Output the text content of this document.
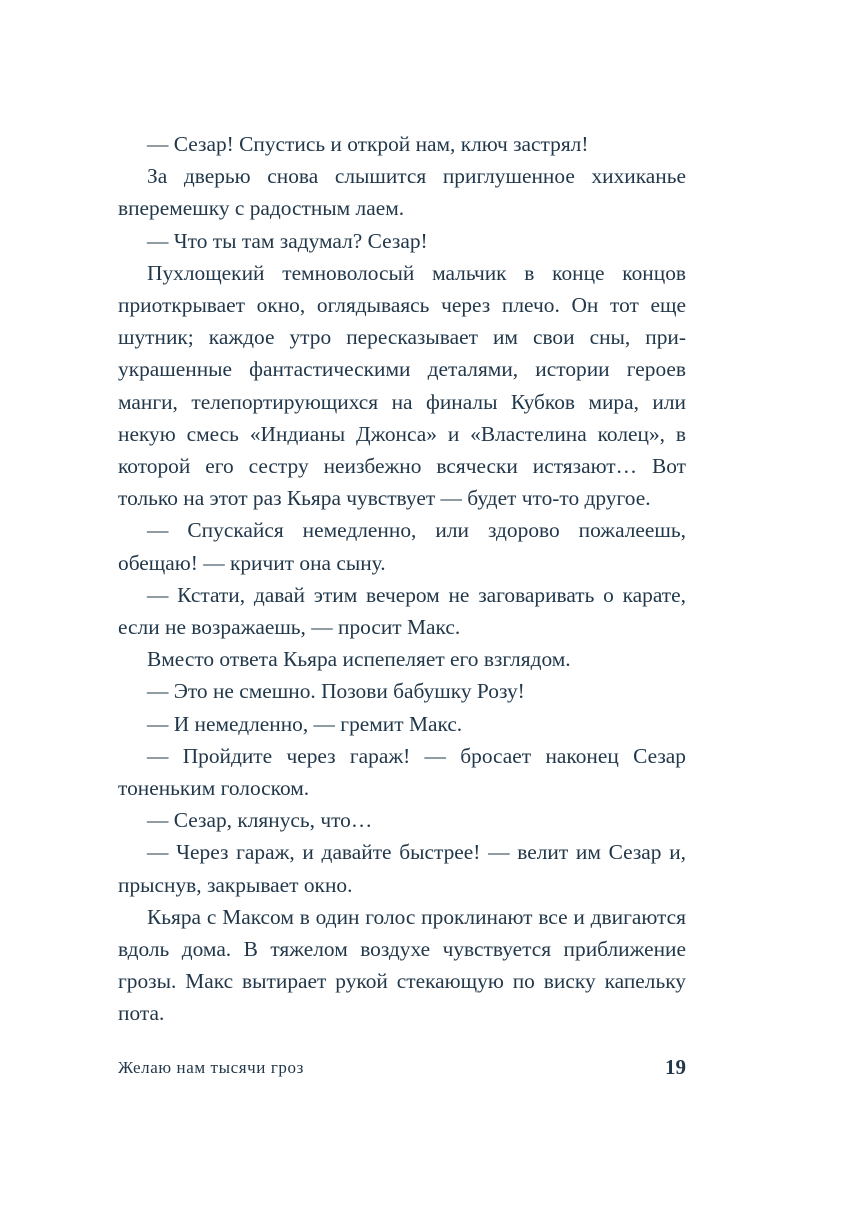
— Сезар! Спустись и открой нам, ключ застрял!

За дверью снова слышится приглушенное хихиканье вперемешку с радостным лаем.

— Что ты там задумал? Сезар!

Пухлощекий темноволосый мальчик в конце концов приоткрывает окно, оглядываясь через плечо. Он тот еще шутник; каждое утро пересказывает им свои сны, приукрашенные фантастическими деталями, истории героев манги, телепортирующихся на финалы Кубков мира, или некую смесь «Индианы Джонса» и «Властелина колец», в которой его сестру неизбежно всячески истязают… Вот только на этот раз Кьяра чувствует — будет что-то другое.

— Спускайся немедленно, или здорово пожалеешь, обещаю! — кричит она сыну.

— Кстати, давай этим вечером не заговаривать о карате, если не возражаешь, — просит Макс.

Вместо ответа Кьяра испепеляет его взглядом.

— Это не смешно. Позови бабушку Розу!

— И немедленно, — гремит Макс.

— Пройдите через гараж! — бросает наконец Сезар тоненьким голоском.

— Сезар, клянусь, что…

— Через гараж, и давайте быстрее! — велит им Сезар и, прыснув, закрывает окно.

Кьяра с Максом в один голос проклинают все и двигаются вдоль дома. В тяжелом воздухе чувствуется приближение грозы. Макс вытирает рукой стекающую по виску капельку пота.

Желаю нам тысячи гроз	19
